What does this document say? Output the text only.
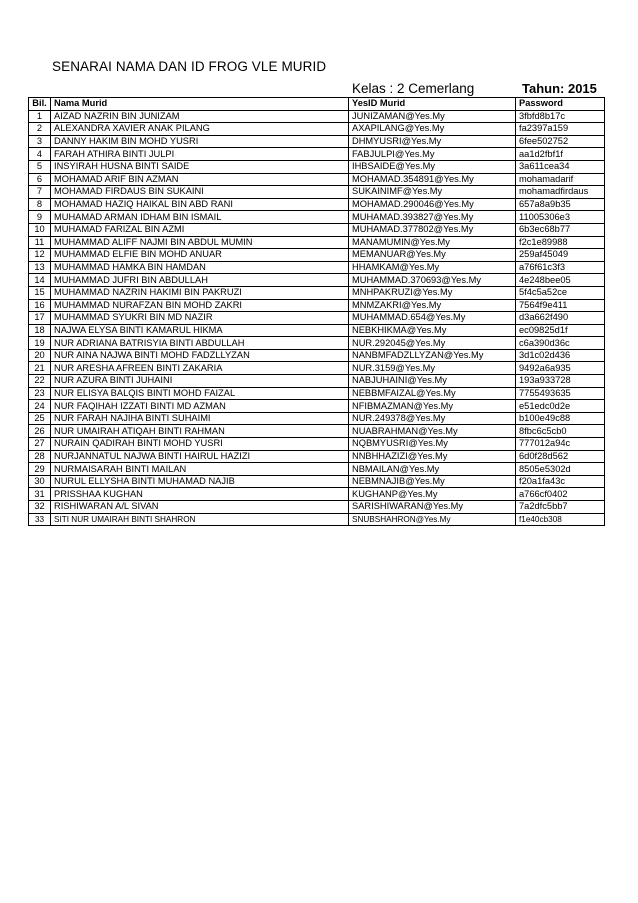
SENARAI NAMA DAN ID FROG VLE MURID
Kelas : 2 Cemerlang	Tahun: 2015
Bil.	Nama Murid	YesID Murid	Password
1	AIZAD NAZRIN BIN JUNIZAM	JUNIZAMAN@Yes.My	3fbfd8b17c
2	ALEXANDRA XAVIER ANAK PILANG	AXAPILANG@Yes.My	fa2397a159
3	DANNY HAKIM BIN MOHD YUSRI	DHMYUSRI@Yes.My	6fee502752
4	FARAH ATHIRA BINTI JULPI	FABJULPI@Yes.My	aa1d2fbf1f
5	INSYIRAH HUSNA BINTI SAIDE	IHBSAIDE@Yes.My	3a611cea34
6	MOHAMAD ARIF BIN AZMAN	MOHAMAD.354891@Yes.My	mohamadarif
7	MOHAMAD FIRDAUS BIN SUKAINI	SUKAINIMF@Yes.My	mohamadfirdaus
8	MOHAMAD HAZIQ HAIKAL BIN ABD RANI	MOHAMAD.290046@Yes.My	657a8a9b35
9	MUHAMAD ARMAN IDHAM BIN ISMAIL	MUHAMAD.393827@Yes.My	11005306e3
10	MUHAMAD FARIZAL BIN AZMI	MUHAMAD.377802@Yes.My	6b3ec68b77
11	MUHAMMAD ALIFF NAJMI BIN ABDUL MUMIN	MANAMUMIN@Yes.My	f2c1e89988
12	MUHAMMAD ELFIE BIN MOHD ANUAR	MEMANUAR@Yes.My	259af45049
13	MUHAMMAD HAMKA BIN HAMDAN	HHAMKAM@Yes.My	a76f61c3f3
14	MUHAMMAD JUFRI BIN ABDULLAH	MUHAMMAD.370693@Yes.My	4e248bee05
15	MUHAMMAD NAZRIN HAKIMI BIN PAKRUZI	MNHPAKRUZI@Yes.My	5f4c5a52ce
16	MUHAMMAD NURAFZAN BIN MOHD ZAKRI	MNMZAKRI@Yes.My	7564f9e411
17	MUHAMMAD SYUKRI BIN MD NAZIR	MUHAMMAD.654@Yes.My	d3a662f490
18	NAJWA ELYSA BINTI KAMARUL HIKMA	NEBKHIKMA@Yes.My	ec09825d1f
19	NUR ADRIANA BATRISYIA BINTI ABDULLAH	NUR.292045@Yes.My	c6a390d36c
20	NUR AINA NAJWA BINTI MOHD FADZLLYZAN	NANBMFADZLLYZAN@Yes.My	3d1c02d436
21	NUR ARESHA AFREEN BINTI ZAKARIA	NUR.3159@Yes.My	9492a6a935
22	NUR AZURA BINTI JUHAINI	NABJUHAINI@Yes.My	193a933728
23	NUR ELISYA BALQIS BINTI MOHD FAIZAL	NEBBMFAIZAL@Yes.My	7755493635
24	NUR FAQIHAH IZZATI BINTI MD AZMAN	NFIBMAZMAN@Yes.My	e51edc0d2e
25	NUR FARAH NAJIHA BINTI SUHAIMI	NUR.249378@Yes.My	b100e49c88
26	NUR UMAIRAH ATIQAH BINTI RAHMAN	NUABRAHMAN@Yes.My	8fbc6c5cb0
27	NURAIN QADIRAH BINTI MOHD YUSRI	NQBMYUSRI@Yes.My	777012a94c
28	NURJANNATUL NAJWA BINTI HAIRUL HAZIZI	NNBHHAZIZI@Yes.My	6d0f28d562
29	NURMAISARAH BINTI MAILAN	NBMAILAN@Yes.My	8505e5302d
30	NURUL ELLYSHA BINTI MUHAMAD NAJIB	NEBMNAJIB@Yes.My	f20a1fa43c
31	PRISSHAA KUGHAN	KUGHANP@Yes.My	a766cf0402
32	RISHIWARAN A/L SIVAN	SARISHIWARAN@Yes.My	7a2dfc5bb7
33	SITI NUR UMAIRAH BINTI SHAHRON	SNUBSHAHRON@Yes.My	f1e40cb308
